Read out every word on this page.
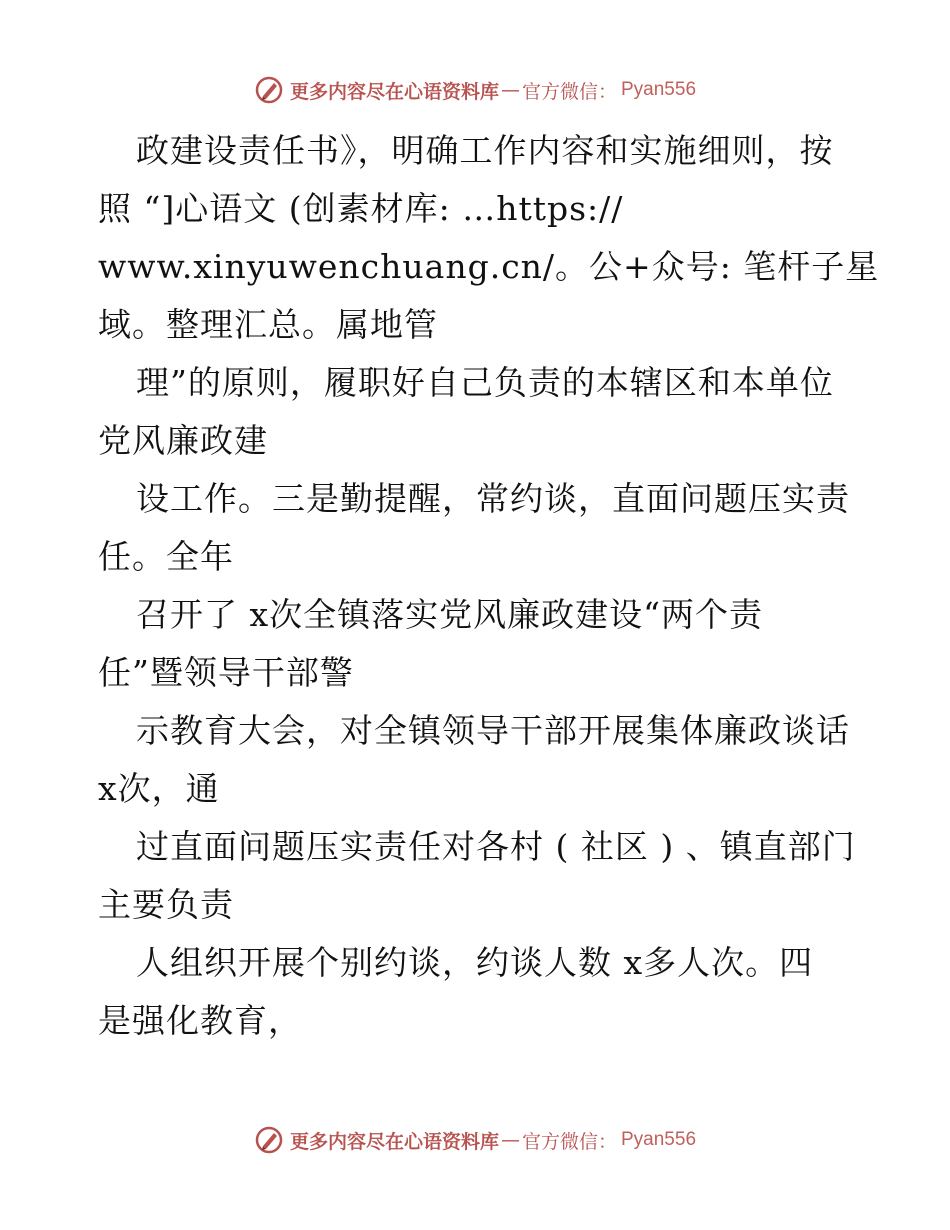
更多内容尽在心语资料库 — 官方微信： Pyan556
政建设责任书》，明确工作内容和实施细则，按
照 “]心语文 (创素材库: …https://
www.xinyuwenchuang.cn/。公+众号: 笔杆子星
域。整理汇总。属地管
理”的原则，履职好自己负责的本辖区和本单位
党风廉政建
设工作。三是勤提醒，常约谈，直面问题压实责
任。全年
召开了 x次全镇落实党风廉政建设“两个责
任”暨领导干部警
示教育大会，对全镇领导干部开展集体廉政谈话
x次，通
过直面问题压实责任对各村 ( 社区 ) 、镇直部门
主要负责
人组织开展个别约谈，约谈人数 x多人次。四
是强化教育，
更多内容尽在心语资料库 — 官方微信： Pyan556
